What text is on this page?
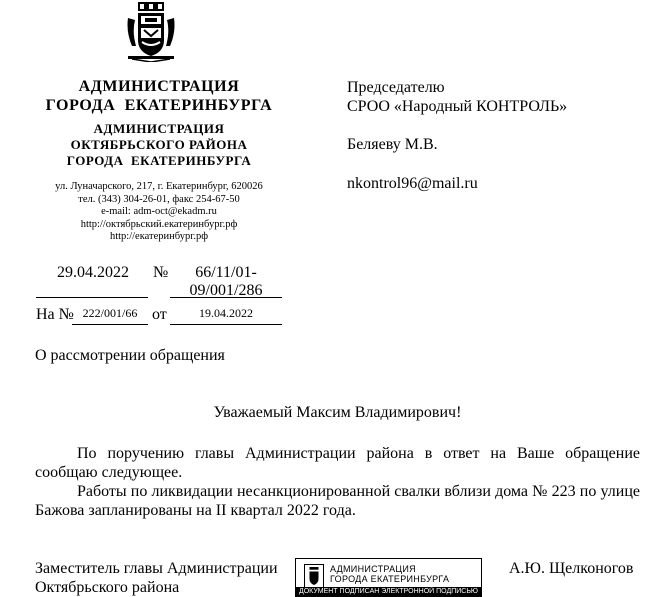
АДМИНИСТРАЦИЯ
ГОРОДА  ЕКАТЕРИНБУРГА
АДМИНИСТРАЦИЯ
ОКТЯБРЬСКОГО РАЙОНА
ГОРОДА  ЕКАТЕРИНБУРГА
ул. Луначарского, 217, г. Екатеринбург, 620026
тел. (343) 304-26-01, факс 254-67-50
e-mail: adm-oct@ekadm.ru
http://октябрьский.екатеринбург.рф
http://екатеринбург.рф
Председателю
СРОО «Народный КОНТРОЛЬ»
Беляеву М.В.
nkontrol96@mail.ru
29.04.2022	№	66/11/01-
09/001/286
На № 222/001/66 от	19.04.2022
О рассмотрении обращения
Уважаемый Максим Владимирович!

По поручению главы Администрации района в ответ на Ваше обращение сообщаю следующее.

Работы по ликвидации несанкционированной свалки вблизи дома № 223 по улице Бажова запланированы на II квартал 2022 года.

Заместитель главы Администрации
Октябрьского района
А.Ю. Щелконогов
АДМИНИСТРАЦИЯ
ГОРОДА ЕКАТЕРИНБУРГА
ДОКУМЕНТ ПОДПИСАН ЭЛЕКТРОННОЙ ПОДПИСЬЮ
